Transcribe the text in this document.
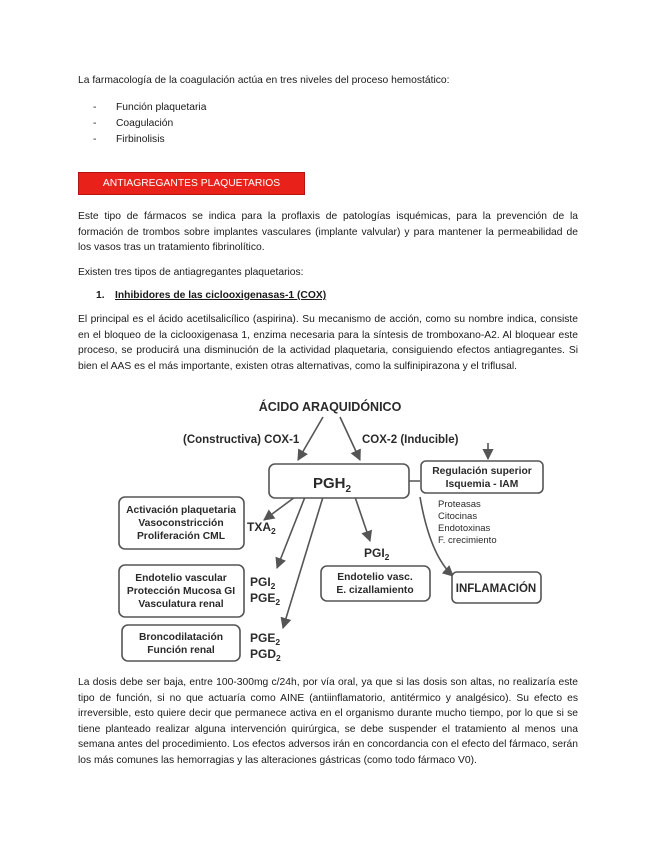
La farmacología de la coagulación actúa en tres niveles del proceso hemostático:
- Función plaquetaria
- Coagulación
- Firbinolisis
ANTIAGREGANTES PLAQUETARIOS
Este tipo de fármacos se indica para la proflaxis de patologías isquémicas, para la prevención de la formación de trombos sobre implantes vasculares (implante valvular) y para mantener la permeabilidad de los vasos tras un tratamiento fibrinolítico.
Existen tres tipos de antiagregantes plaquetarios:
1. Inhibidores de las ciclooxigenasas-1 (COX)
El principal es el ácido acetilsalicílico (aspirina). Su mecanismo de acción, como su nombre indica, consiste en el bloqueo de la ciclooxigenasa 1, enzima necesaria para la síntesis de tromboxano-A2. Al bloquear este proceso, se producirá una disminución de la actividad plaquetaria, consiguiendo efectos antiagregantes. Si bien el AAS es el más importante, existen otras alternativas, como la sulfinipirazona y el triflusal.
ÁCIDO ARAQUIDÓNICO
(Constructiva) COX-1	COX-2 (Inducible)
$PGH_2$
Regulación superior
Isquemia - IAM
Proteasas
Citocinas
Endotoxinas
F. crecimiento
Activación plaquetaria
Vasoconstricción
Proliferación CML
$TXA_2$
$PGI_2$
Endotelio vascular
Protección Mucosa GI
Vasculatura renal
$PGI_2$
$PGE_2$
Endotelio vasc.
E. cizallamiento	INFLAMACIÓN
Broncodilatación
Función renal
$PGE_2$
$PGD_2$
La dosis debe ser baja, entre 100-300mg c/24h, por vía oral, ya que si las dosis son altas, no realizaría este tipo de función, si no que actuaría como AINE (antiinflamatorio, antitérmico y analgésico). Su efecto es irreversible, esto quiere decir que permanece activa en el organismo durante mucho tiempo, por lo que si se tiene planteado realizar alguna intervención quirúrgica, se debe suspender el tratamiento al menos una semana antes del procedimiento. Los efectos adversos irán en concordancia con el efecto del fármaco, serán los más comunes las hemorragias y las alteraciones gástricas (como todo fármaco V0).
